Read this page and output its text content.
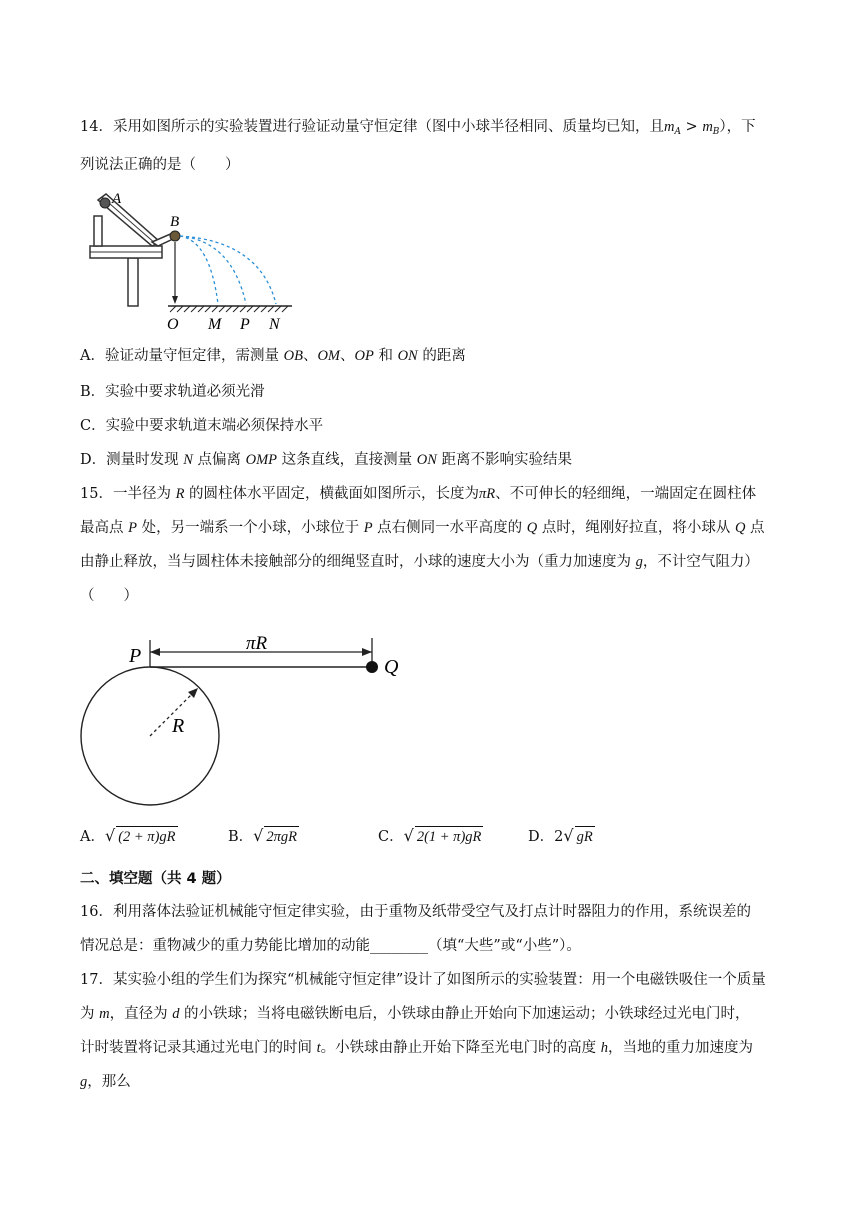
14．采用如图所示的实验装置进行验证动量守恒定律（图中小球半径相同、质量均已知，且$m_A > m_B$），下
列说法正确的是（　　）
A
B
O M P N
A．验证动量守恒定律，需测量 OB、OM、OP 和 ON 的距离
B．实验中要求轨道必须光滑
C．实验中要求轨道末端必须保持水平
D．测量时发现 N 点偏离 OMP 这条直线，直接测量 ON 距离不影响实验结果
15．一半径为 R 的圆柱体水平固定，横截面如图所示，长度为πR、不可伸长的轻细绳，一端固定在圆柱体
最高点 P 处，另一端系一个小球，小球位于 P 点右侧同一水平高度的 Q 点时，绳刚好拉直，将小球从 Q 点
由静止释放，当与圆柱体未接触部分的细绳竖直时，小球的速度大小为（重力加速度为 g，不计空气阻力）
（　　）
P
πR
Q
R
A．√ (2 + π)gR	B．√ 2πgR	C．√ 2(1 + π)gR	D．2√ gR
二、填空题（共 4 题）
16．利用落体法验证机械能守恒定律实验，由于重物及纸带受空气及打点计时器阻力的作用，系统误差的
情况总是：重物减少的重力势能比增加的动能________（填“大些”或“小些”）。
17．某实验小组的学生们为探究“机械能守恒定律”设计了如图所示的实验装置：用一个电磁铁吸住一个质量
为 m，直径为 d 的小铁球；当将电磁铁断电后，小铁球由静止开始向下加速运动；小铁球经过光电门时，
计时装置将记录其通过光电门的时间 t。小铁球由静止开始下降至光电门时的高度 h，当地的重力加速度为
g，那么
